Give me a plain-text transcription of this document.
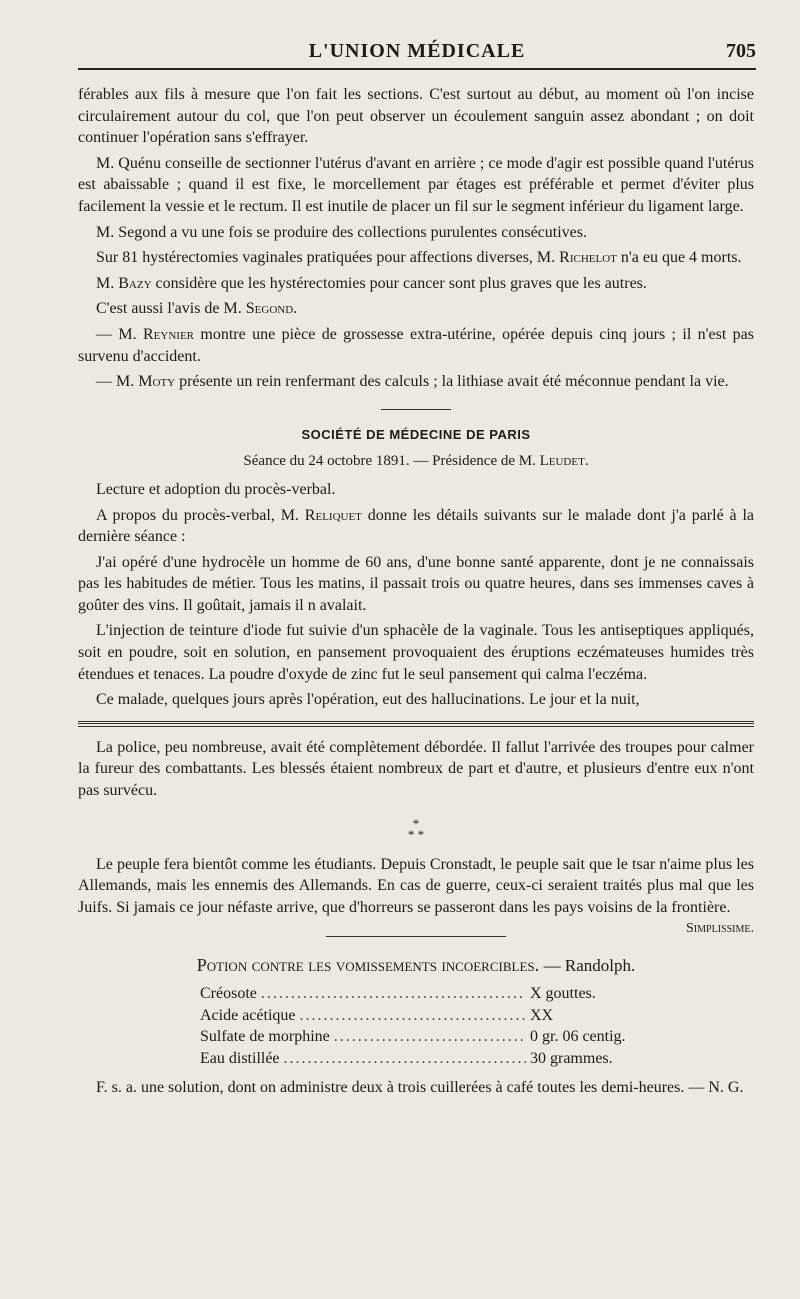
L'UNION MÉDICALE	705

férables aux fils à mesure que l'on fait les sections. C'est surtout au début, au moment où l'on incise circulairement autour du col, que l'on peut observer un écoulement sanguin assez abondant ; on doit continuer l'opération sans s'effrayer.

M. Quénu conseille de sectionner l'utérus d'avant en arrière ; ce mode d'agir est possible quand l'utérus est abaissable ; quand il est fixe, le morcellement par étages est préférable et permet d'éviter plus facilement la vessie et le rectum. Il est inutile de placer un fil sur le segment inférieur du ligament large.

M. Segond a vu une fois se produire des collections purulentes consécutives.

Sur 81 hystérectomies vaginales pratiquées pour affections diverses, M. Richelot n'a eu que 4 morts.

M. Bazy considère que les hystérectomies pour cancer sont plus graves que les autres.

C'est aussi l'avis de M. Segond.

— M. Reynier montre une pièce de grossesse extra-utérine, opérée depuis cinq jours ; il n'est pas survenu d'accident.

— M. Moty présente un rein renfermant des calculs ; la lithiase avait été méconnue pendant la vie.

SOCIÉTÉ DE MÉDECINE DE PARIS
Séance du 24 octobre 1891. — Présidence de M. Leudet.

Lecture et adoption du procès-verbal.

A propos du procès-verbal, M. Reliquet donne les détails suivants sur le malade dont j'a parlé à la dernière séance :

J'ai opéré d'une hydrocèle un homme de 60 ans, d'une bonne santé apparente, dont je ne connaissais pas les habitudes de métier. Tous les matins, il passait trois ou quatre heures, dans ses immenses caves à goûter des vins. Il goûtait, jamais il n avalait.

L'injection de teinture d'iode fut suivie d'un sphacèle de la vaginale. Tous les antiseptiques appliqués, soit en poudre, soit en solution, en pansement provoquaient des éruptions eczémateuses humides très étendues et tenaces. La poudre d'oxyde de zinc fut le seul pansement qui calma l'eczéma.

Ce malade, quelques jours après l'opération, eut des hallucinations. Le jour et la nuit,

La police, peu nombreuse, avait été complètement débordée. Il fallut l'arrivée des troupes pour calmer la fureur des combattants. Les blessés étaient nombreux de part et d'autre, et plusieurs d'entre eux n'ont pas survécu.

*
* *

Le peuple fera bientôt comme les étudiants. Depuis Cronstadt, le peuple sait que le tsar n'aime plus les Allemands, mais les ennemis des Allemands. En cas de guerre, ceux-ci seraient traités plus mal que les Juifs. Si jamais ce jour néfaste arrive, que d'horreurs se passeront dans les pays voisins de la frontière.
Simplissime.

Potion contre les vomissements incoercibles. — Randolph.
Créosote .....	X gouttes.
Acide acétique .....	XX
Sulfate de morphine .....	0 gr. 06 centig.
Eau distillée .....	30 grammes.

F. s. a. une solution, dont on administre deux à trois cuillerées à café toutes les demi-heures. — N. G.
